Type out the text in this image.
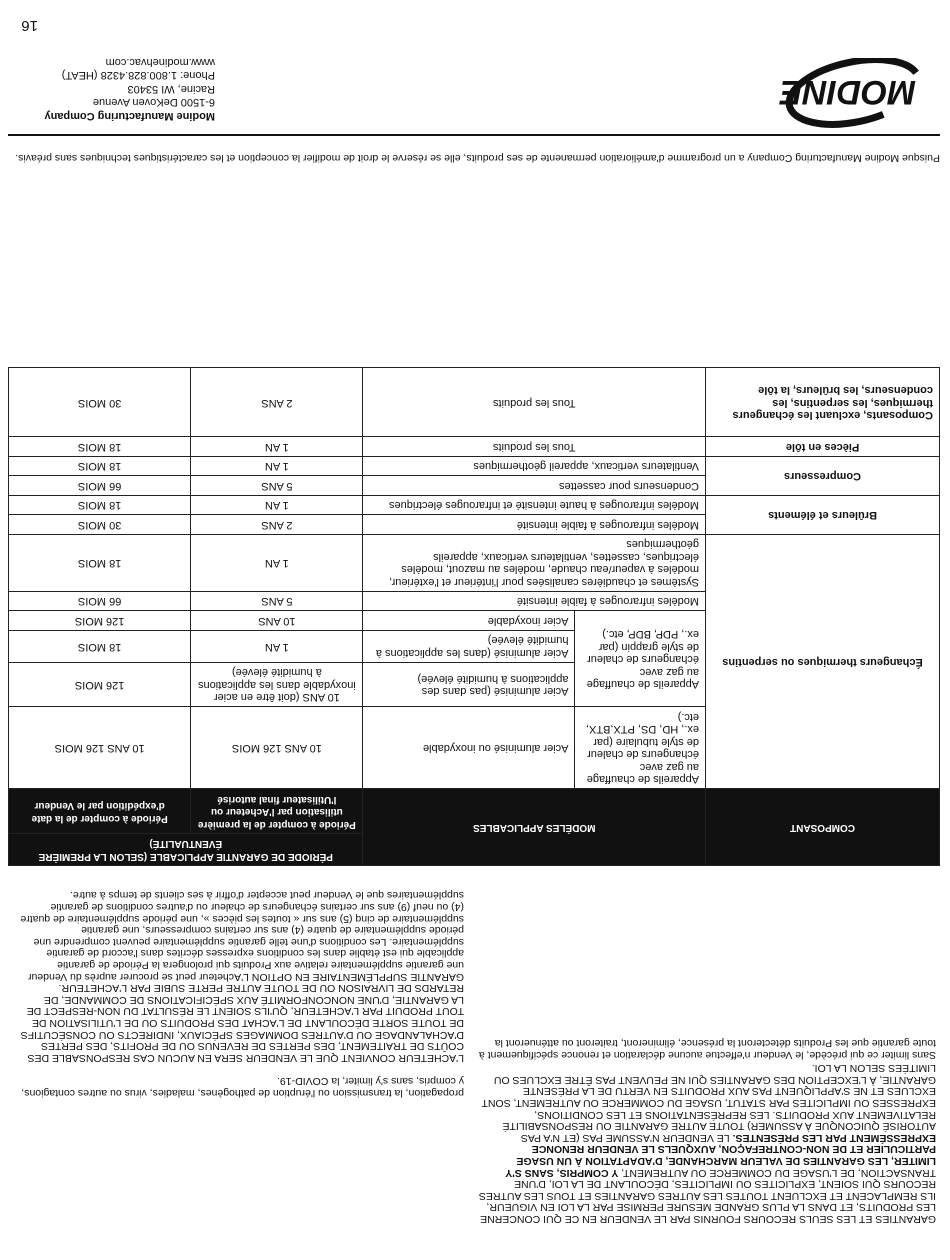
16
GARANTIES ET LES SEULS RECOURS FOURNIS PAR LE VENDEUR EN CE QUI CONCERNE LES PRODUITS, ET DANS LA PLUS GRANDE MESURE PERMISE PAR LA LOI EN VIGUEUR, ILS REMPLACENT ET EXCLUENT TOUTES LES AUTRES GARANTIES ET TOUS LES AUTRES RECOURS QUI SOIENT, EXPLICITES OU IMPLICITES, DÉCOULANT DE LA LOI, D'UNE TRANSACTION, DE L'USAGE DU COMMERCE OU AUTREMENT, Y COMPRIS, SANS S'Y LIMITER, LES GARANTIES DE VALEUR MARCHANDE, D'ADAPTATION À UN USAGE PARTICULIER ET DE NON-CONTREFAÇON, AUXQUELS LE VENDEUR RENONCE EXPRESSÉMENT PAR LES PRÉSENTES. LE VENDEUR N'ASSUME PAS (ET N'A PAS AUTORISÉ QUICONQUE À ASSUMER) TOUTE AUTRE GARANTIE OU RESPONSABILITÉ RELATIVEMENT AUX PRODUITS. LES REPRÉSENTATIONS ET LES CONDITIONS, EXPRESSES OU IMPLICITES PAR STATUT, USAGE DU COMMERCE OU AUTREMENT, SONT EXCLUES ET NE S'APPLIQUENT PAS AUX PRODUITS EN VERTU DE LA PRÉSENTE GARANTIE, À L'EXCEPTION DES GARANTIES QUI NE PEUVENT PAS ÊTRE EXCLUES OU LIMITÉES SELON LA LOI.
Sans limiter ce qui précède, le Vendeur n'effectue aucune déclaration et renonce spécifiquement à toute garantie que les Produits détecteront la présence, élimineront, traiteront ou atténueront la
propagation, la transmission ou l'éruption de pathogènes, maladies, virus ou autres contagions, y compris, sans s'y limiter, la COVID-19.
L'ACHETEUR CONVIENT QUE LE VENDEUR SERA EN AUCUN CAS RESPONSABLE DES COÛTS DE TRAITEMENT, DES PERTES DE REVENUS OU DE PROFITS, DES PERTES D'ACHALANDAGE OU D'AUTRES DOMMAGES SPÉCIAUX, INDIRECTS OU CONSÉCUTIFS DE TOUTE SORTE DÉCOULANT DE L'ACHAT DES PRODUITS OU DE L'UTILISATION DE TOUT PRODUIT PAR L'ACHETEUR, QU'ILS SOIENT LE RÉSULTAT DU NON-RESPECT DE LA GARANTIE, D'UNE NONCONFORMITÉ AUX SPÉCIFICATIONS DE COMMANDE, DE RETARDS DE LIVRAISON OU DE TOUTE AUTRE PERTE SUBIE PAR L'ACHETEUR.
GARANTIE SUPPLÉMENTAIRE EN OPTION L'Acheteur peut se procurer auprès du Vendeur une garantie supplémentaire relative aux Produits qui prolongera la Période de garantie applicable qui est établie dans les conditions expresses décrites dans l'accord de garantie supplémentaire. Les conditions d'une telle garantie supplémentaire peuvent comprendre une période supplémentaire de quatre (4) ans sur certains compresseurs, une garantie supplémentaire de cinq (5) ans sur « toutes les pièces », une période supplémentaire de quatre (4) ou neuf (9) ans sur certains échangeurs de chaleur ou d'autres conditions de garantie supplémentaires que le Vendeur peut accepter d'offrir à ses clients de temps à autre.
COMPOSANT	MODÈLES APPLICABLES		PÉRIODE DE GARANTIE APPLICABLE (SELON LA PREMIÈRE ÉVENTUALITÉ)	
			Période à compter de la première utilisation par l'Acheteur ou l'Utilisateur final autorisé	Période à compter de la date d'expédition par le Vendeur
Échangeurs thermiques ou serpentins	Appareils de chauffage au gaz avec échangeurs de chaleur de style tubulaire (par ex., HD, DS, PTX,BTX, etc.)	Acier aluminisé ou inoxydable	10 ANS 126 MOIS	10 ANS 126 MOIS
	Appareils de chauffage au gaz avec échangeurs de chaleur de style grappin (par ex., PDP, BDP, etc.)	Acier aluminisé (pas dans des applications à humidité élevée)	10 ANS (doit être en acier inoxydable dans les applications à humidité élevée)	126 MOIS
		Acier aluminisé (dans les applications à humidité élevée)	1 AN	18 MOIS
		Acier inoxydable	10 ANS	126 MOIS
	Modèles infrarouges à faible intensité		5 ANS	66 MOIS
	Systèmes et chaudières canalisées pour l'intérieur et l'extérieur, modèles à vapeur/eau chaude, modèles au mazout, modèles électriques, cassettes, ventilateurs verticaux, appareils géothermiques		1 AN	18 MOIS
Brûleurs et éléments	Modèles infrarouges à faible intensité		2 ANS	30 MOIS
	Modèles infrarouges à haute intensité et infrarouges électriques		1 AN	18 MOIS
Compresseurs	Condenseurs pour cassettes		5 ANS	66 MOIS
	Ventilateurs verticaux, appareil géothermiques		1 AN	18 MOIS
Pièces en tôle	Tous les produits		1 AN	18 MOIS
Composants, excluant les échangeurs thermiques, les serpentins, les condenseurs, les brûleurs, la tôle	Tous les produits		2 ANS	30 MOIS
Puisque Modine Manufacturing Company a un programme d'amélioration permanente de ses produits, elle se réserve le droit de modifier la conception et les caractéristiques techniques sans préavis.
MODINE
Modine Manufacturing Company
6-1500 DeKoven Avenue
Racine, WI 53403
Phone: 1.800.828.4328 (HEAT)
www.modinehvac.com
